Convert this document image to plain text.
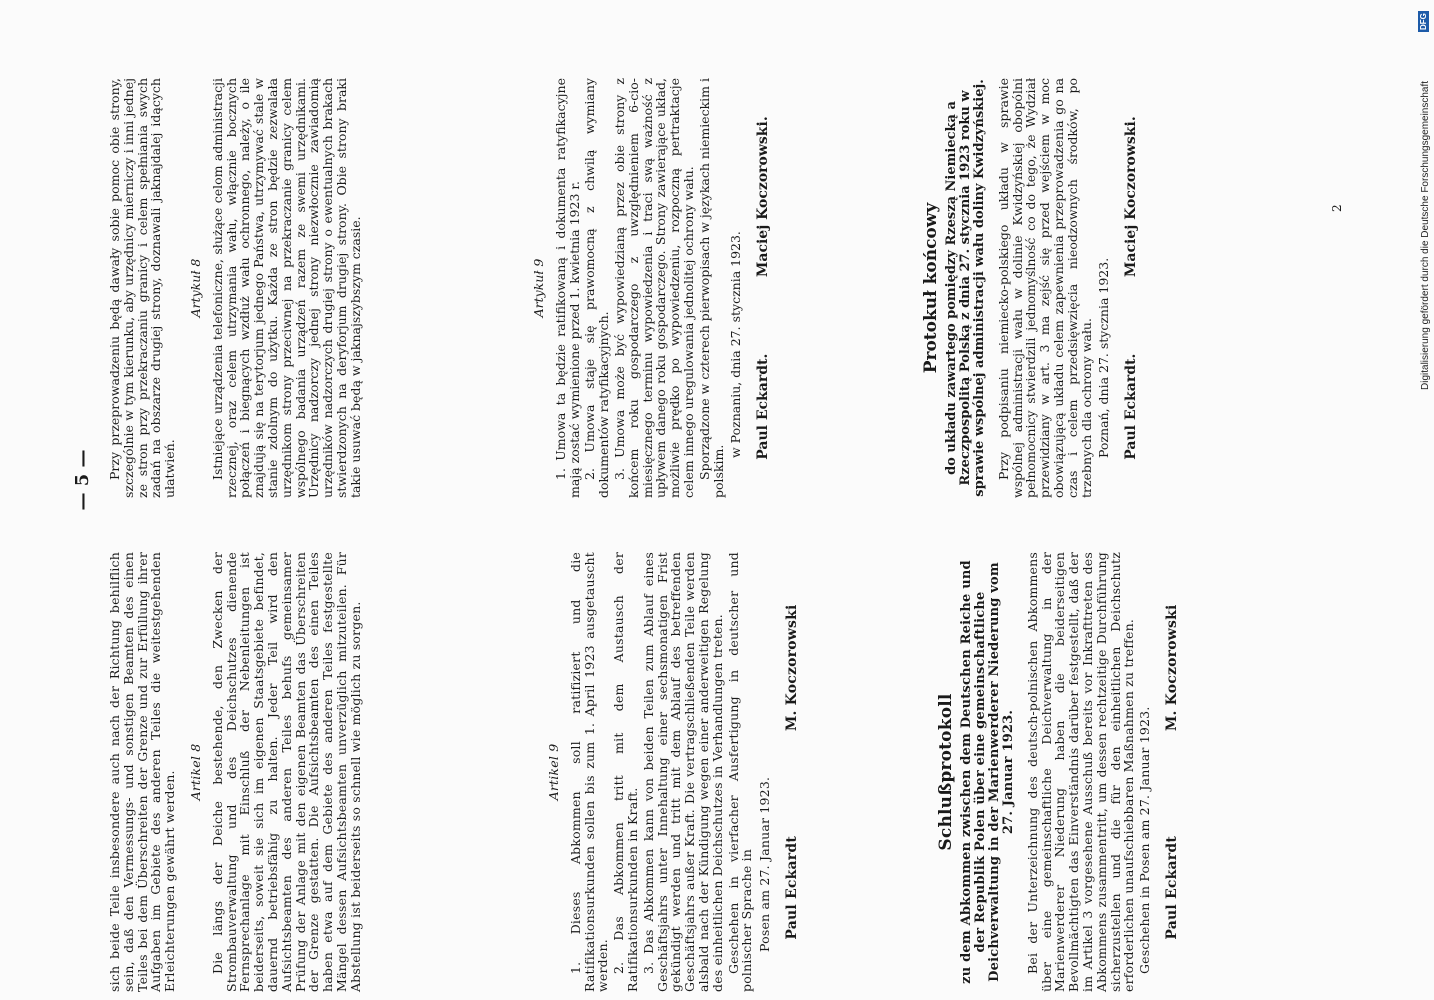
— 5 —

sich beide Teile insbesondere auch nach der Richtung behilflich sein, daß den Vermessungs- und sonstigen Beamten des einen Teiles bei dem Überschreiten der Grenze und zur Erfüllung ihrer Aufgaben im Gebiete des anderen Teiles die weitestgehenden Erleichterungen gewährt werden. Artikel 8 Die längs der Deiche bestehende, den Zwecken der Strombauverwaltung und des Deichschutzes dienende Fernsprechanlage mit Einschluß der Nebenleitungen ist beiderseits, soweit sie sich im eigenen Staatsgebiete befindet, dauernd betriebsfähig zu halten. Jeder Teil wird den Aufsichtsbeamten des anderen Teiles behufs gemeinsamer Prüfung der Anlage mit den eigenen Beamten das Überschreiten der Grenze gestatten. Die Aufsichtsbeamten des einen Teiles haben etwa auf dem Gebiete des anderen Teiles festgestellte Mängel dessen Aufsichtsbeamten unverzüglich mitzuteilen. Für Abstellung ist beiderseits so schnell wie möglich zu sorgen.	Artikel 9 1. Dieses Abkommen soll ratifiziert und die Ratifikationsurkunden sollen bis zum 1. April 1923 ausgetauscht werden. 2. Das Abkommen tritt mit dem Austausch der Ratifikationsurkunden in Kraft. 3. Das Abkommen kann von beiden Teilen zum Ablauf eines Geschäftsjahrs unter Innehaltung einer sechsmonatigen Frist gekündigt werden und tritt mit dem Ablauf des betreffenden Geschäftsjahrs außer Kraft. Die vertragschließenden Teile werden alsbald nach der Kündigung wegen einer anderweitigen Regelung des einheitlichen Deichschutzes in Verhandlungen treten. Geschehen in vierfacher Ausfertigung in deutscher und polnischer Sprache in Posen am 27. Januar 1923. Paul Eckardt
M. Koczorowski

Schlußprotokoll zu dem Abkommen zwischen dem Deutschen Reiche und der Republik Polen über eine gemeinschaftliche Deichverwaltung in der Marienwerderer Niederung vom 27. Januar 1923. Bei der Unterzeichnung des deutsch-polnischen Abkommens über eine gemeinschaftliche Deichverwaltung in der Marienwerderer Niederung haben die beiderseitigen Bevollmächtigten das Einverständnis darüber festgestellt, daß der im Artikel 3 vorgesehene Ausschuß bereits vor Inkrafttreten des Abkommens zusammentritt, um dessen rechtzeitige Durchführung sicherzustellen und die für den einheitlichen Deichschutz erforderlichen unaufschiebbaren Maßnahmen zu treffen. Geschehen in Posen am 27. Januar 1923. Paul Eckardt
M. Koczorowski

Przy przeprowadzeniu będą dawały sobie pomoc obie strony, szczególnie w tym kierunku, aby urzędnicy mierniczy i inni jednej ze stron przy przekraczaniu granicy i celem spełniania swych zadań na obszarze drugiej strony, doznawali jaknajdalej idących ułatwień.

Artykuł 8 Istniejące urządzenia telefoniczne, służące celom administracji rzecznej, oraz celem utrzymania wału, włącznie bocznych połączeń i biegnących wzdłuż wału ochronnego, należy, o ile znajdują się na terytorjum jednego Państwa, utrzymywać stale w stanie zdolnym do użytku. Każda ze stron będzie zezwalała urzędnikom strony przeciwnej na przekraczanie granicy celem wspólnego badania urządzeń razem ze swemi urzędnikami. Urzędnicy nadzorczy jednej strony niezwłocznie zawiadomią urzędników nadzorczych drugiej strony o ewentualnych brakach stwierdzonych na deryforjum drugiej strony. Obie strony braki takie usuwać będą w jaknajszybszym czasie.	Artykuł 9 1. Umowa ta będzie ratifikowaną i dokumenta ratyfikacyjne mają zostać wymienione przed 1. kwietnia 1923 r. 2. Umowa staje się prawomocną z chwilą wymiany dokumentów ratyfikacyjnych. 3. Umowa może być wypowiedzianą przez obie strony z końcem roku gospodarczego z uwzględnieniem 6-cio-miesięcznego terminu wypowiedzenia i traci swą ważność z upływem danego roku gospodarczego. Strony zawierające układ, możliwie prędko po wypowiedzeniu, rozpoczną pertraktacje celem innego uregulowania jednolitej ochrony wału. Sporządzone w czterech pierwopisach w językach niemieckim i polskim.

w Poznaniu, dnia 27. stycznia 1923. Paul Eckardt.
Maciej Koczorowski.

Protokuł końcowy do układu zawartego pomiędzy Rzeszą Niemiecką a Rzeczpospolitą Polską z dnia 27. stycznia 1923 roku w sprawie wspólnej administracji wału doliny Kwidzyńskiej. Przy podpisaniu niemiecko-polskiego układu w sprawie wspólnej administracji wału w dolinie Kwidzyńskiej obopólni pełnomocnicy stwierdzili jednomyślność co do tego, że Wydział przewidziany w art. 3 ma zejść się przed wejściem w moc obowiązującą układu celem zapewnienia przeprowadzenia go na czas i celem przedsięwzięcia nieodzownych środków, po trzebnych dla ochrony wału. Poznań, dnia 27. stycznia 1923. Paul Eckardt.
Maciej Koczorowski.	2	Digitalisierung gefördert durch die Deutsche Forschungsgemeinschaft
DFG
